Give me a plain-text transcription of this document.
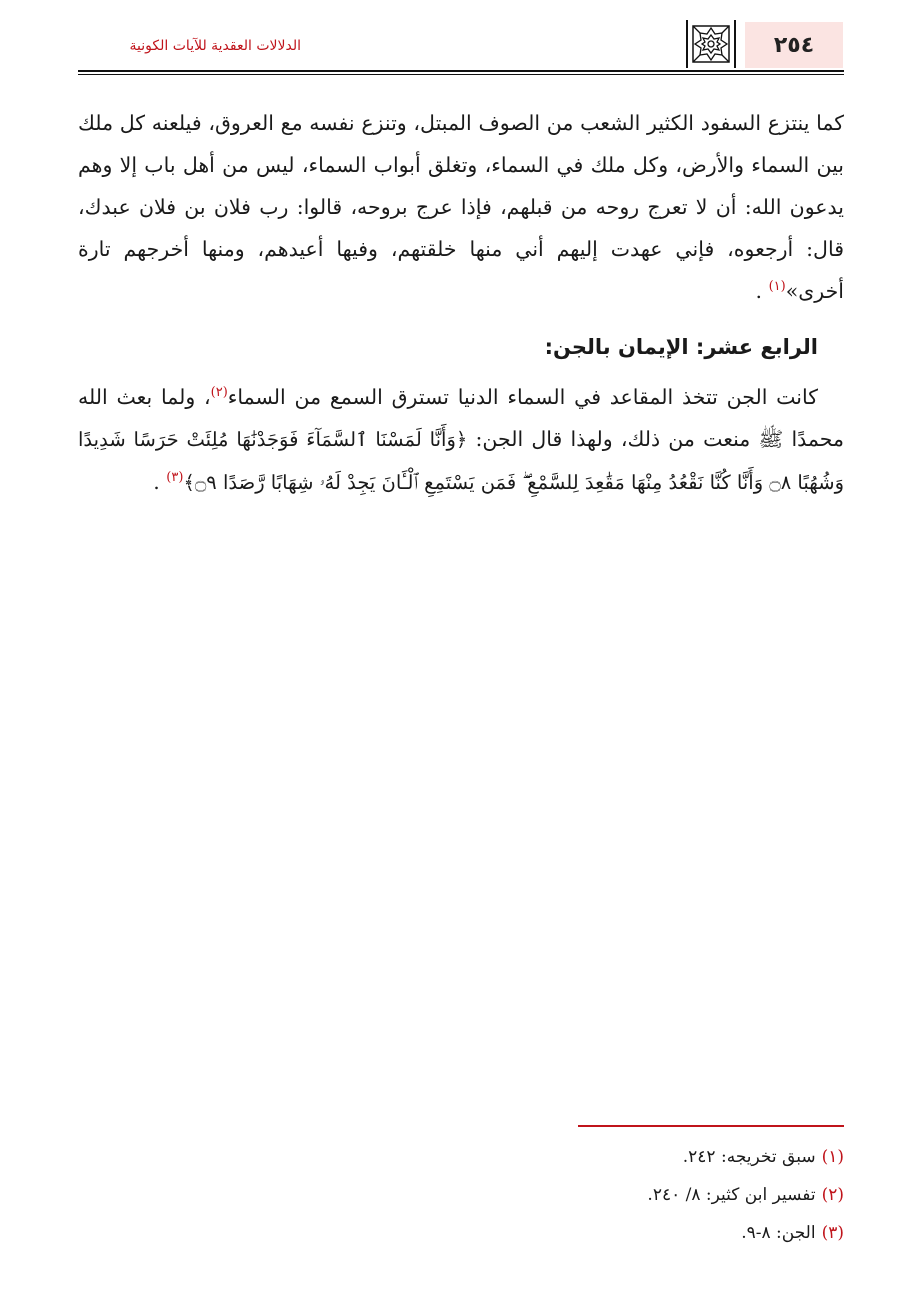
٢٥٤
الدلالات العقدية للآيات الكونية

كما ينتزع السفود الكثير الشعب من الصوف المبتل، وتنزع نفسه مع العروق، فيلعنه كل ملك بين السماء والأرض، وكل ملك في السماء، وتغلق أبواب السماء، ليس من أهل باب إلا وهم يدعون الله: أن لا تعرج روحه من قبلهم، فإذا عرج بروحه، قالوا: رب فلان بن فلان عبدك، قال: أرجعوه، فإني عهدت إليهم أني منها خلقتهم، وفيها أعيدهم، ومنها أخرجهم تارة أخرى»$^{(١)}$ .

الرابع عشر: الإيمان بالجن:

كانت الجن تتخذ المقاعد في السماء الدنيا تسترق السمع من السماء$^{(٢)}$، ولما بعث الله محمدًا ﷺ منعت من ذلك، ولهذا قال الجن: ﴿وَأَنَّا لَمَسْنَا ٱلسَّمَآءَ فَوَجَدْنَٰهَا مُلِئَتْ حَرَسًا شَدِيدًا وَشُهُبًا ۝٨ وَأَنَّا كُنَّا نَقْعُدُ مِنْهَا مَقَٰعِدَ لِلسَّمْعِ ۖ فَمَن يَسْتَمِعِ ٱلْـَٔانَ يَجِدْ لَهُۥ شِهَابًا رَّصَدًا ۝٩﴾$^{(٣)}$ .

(١)سبق تخريجه: ٢٤٢.
(٢)تفسير ابن كثير: ٨/ ٢٤٠.
(٣)الجن: ٨-٩.
